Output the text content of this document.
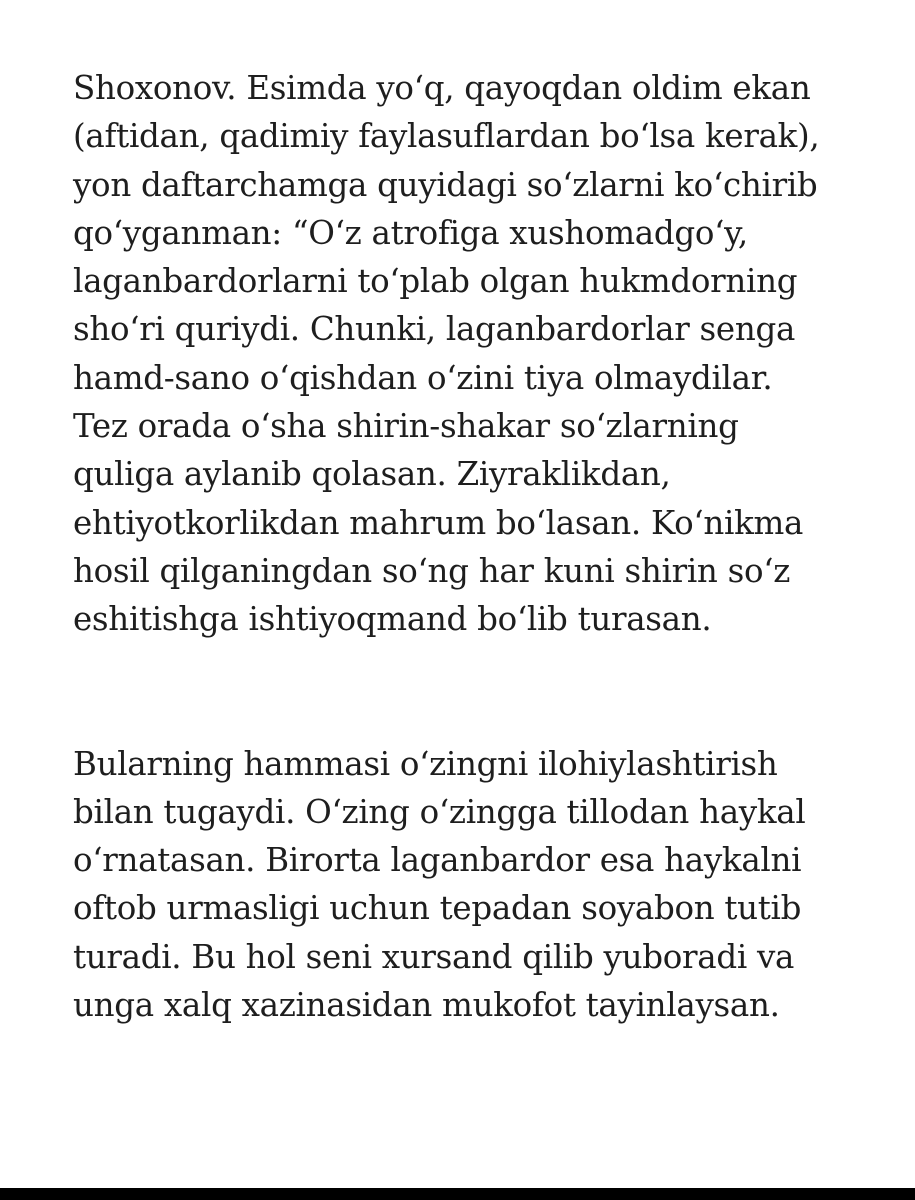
Shoxonov. Esimda yoʻq, qayoqdan oldim ekan
(aftidan, qadimiy faylasuflardan boʻlsa kerak),
yon daftarchamga quyidagi soʻzlarni koʻchirib
qoʻyganman: “Oʻz atrofiga xushomadgoʻy,
laganbardorlarni toʻplab olgan hukmdorning
shoʻri quriydi. Chunki, laganbardorlar senga
hamd-sano oʻqishdan oʻzini tiya olmaydilar.
Tez orada oʻsha shirin-shakar soʻzlarning
quliga aylanib qolasan. Ziyraklikdan,
ehtiyotkorlikdan mahrum boʻlasan. Koʻnikma
hosil qilganingdan soʻng har kuni shirin soʻz
eshitishga ishtiyoqmand boʻlib turasan.

Bularning hammasi oʻzingni ilohiylashtirish
bilan tugaydi. Oʻzing oʻzingga tillodan haykal
oʻrnatasan. Birorta laganbardor esa haykalni
oftob urmasligi uchun tepadan soyabon tutib
turadi. Bu hol seni xursand qilib yuboradi va
unga xalq xazinasidan mukofot tayinlaysan.
